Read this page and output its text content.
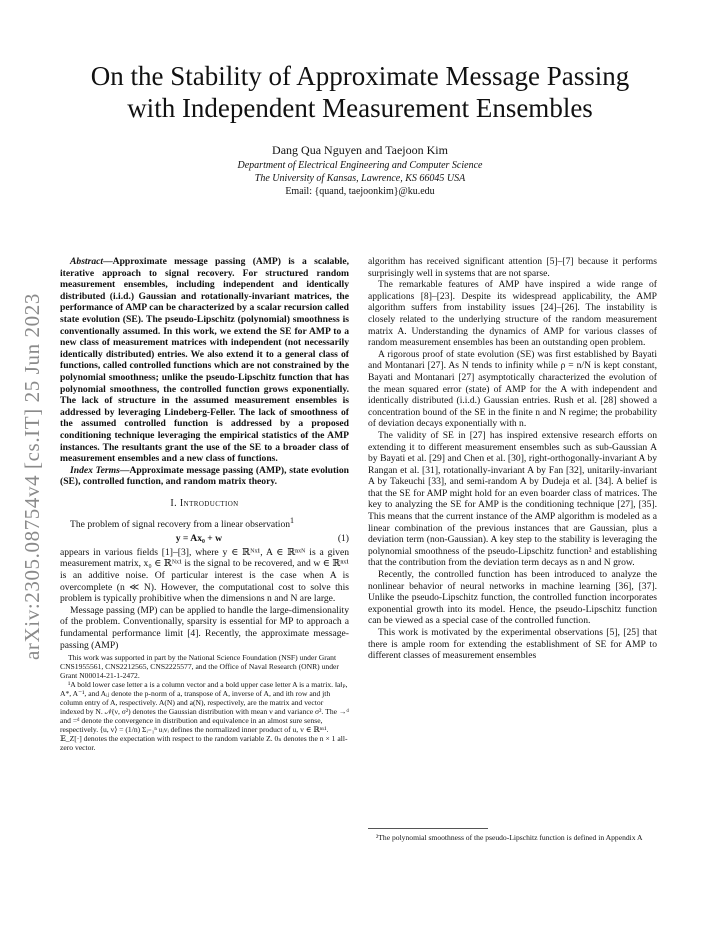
arXiv:2305.08754v4 [cs.IT] 25 Jun 2023
On the Stability of Approximate Message Passing
with Independent Measurement Ensembles
Dang Qua Nguyen and Taejoon Kim
Department of Electrical Engineering and Computer Science
The University of Kansas, Lawrence, KS 66045 USA
Email: {quand, taejoonkim}@ku.edu

Abstract—Approximate message passing (AMP) is a scalable, iterative approach to signal recovery. For structured random measurement ensembles, including independent and identically distributed (i.i.d.) Gaussian and rotationally-invariant matrices, the performance of AMP can be characterized by a scalar recursion called state evolution (SE). The pseudo-Lipschitz (polynomial) smoothness is conventionally assumed. In this work, we extend the SE for AMP to a new class of measurement matrices with independent (not necessarily identically distributed) entries. We also extend it to a general class of functions, called controlled functions which are not constrained by the polynomial smoothness; unlike the pseudo-Lipschitz function that has polynomial smoothness, the controlled function grows exponentially. The lack of structure in the assumed measurement ensembles is addressed by leveraging Lindeberg-Feller. The lack of smoothness of the assumed controlled function is addressed by a proposed conditioning technique leveraging the empirical statistics of the AMP instances. The resultants grant the use of the SE to a broader class of measurement ensembles and a new class of functions.

Index Terms—Approximate message passing (AMP), state evolution (SE), controlled function, and random matrix theory.

I. Introduction

The problem of signal recovery from a linear observation$^1$

y = Ax₀ + w	(1)

appears in various fields [1]–[3], where y ∈ ℝᴺˣ¹, A ∈ ℝⁿˣᴺ is a given measurement matrix, x₀ ∈ ℝᴺˣ¹ is the signal to be recovered, and w ∈ ℝⁿˣ¹ is an additive noise. Of particular interest is the case when A is overcomplete (n ≪ N). However, the computational cost to solve this problem is typically prohibitive when the dimensions n and N are large.

Message passing (MP) can be applied to handle the large-dimensionality of the problem. Conventionally, sparsity is essential for MP to approach a fundamental performance limit [4]. Recently, the approximate message-passing (AMP)

This work was supported in part by the National Science Foundation (NSF) under Grant CNS1955561, CNS2212565, CNS2225577, and the Office of Naval Research (ONR) under Grant N00014-21-1-2472.

¹A bold lower case letter a is a column vector and a bold upper case letter A is a matrix. ‖a‖ₚ, A*, A⁻¹, and Aᵢⱼ denote the p-norm of a, transpose of A, inverse of A, and ith row and jth column entry of A, respectively. A(N) and a(N), respectively, are the matrix and vector indexed by N. 𝒩(ν, σ²) denotes the Gaussian distribution with mean ν and variance σ². The →ᵈ and =ᵈ denote the convergence in distribution and equivalence in an almost sure sense, respectively. ⟨u, v⟩ = (1/n) Σᵢ₌₁ⁿ uᵢvᵢ defines the normalized inner product of u, v ∈ ℝⁿˣ¹. 𝔼_Z[·] denotes the expectation with respect to the random variable Z. 0ₙ denotes the n × 1 all-zero vector.

algorithm has received significant attention [5]–[7] because it performs surprisingly well in systems that are not sparse.

The remarkable features of AMP have inspired a wide range of applications [8]–[23]. Despite its widespread applicability, the AMP algorithm suffers from instability issues [24]–[26]. The instability is closely related to the underlying structure of the random measurement matrix A. Understanding the dynamics of AMP for various classes of random measurement ensembles has been an outstanding open problem.

A rigorous proof of state evolution (SE) was first established by Bayati and Montanari [27]. As N tends to infinity while ρ = n/N is kept constant, Bayati and Montanari [27] asymptotically characterized the evolution of the mean squared error (state) of AMP for the A with independent and identically distributed (i.i.d.) Gaussian entries. Rush et al. [28] showed a concentration bound of the SE in the finite n and N regime; the probability of deviation decays exponentially with n.

The validity of SE in [27] has inspired extensive research efforts on extending it to different measurement ensembles such as sub-Gaussian A by Bayati et al. [29] and Chen et al. [30], right-orthogonally-invariant A by Rangan et al. [31], rotationally-invariant A by Fan [32], unitarily-invariant A by Takeuchi [33], and semi-random A by Dudeja et al. [34]. A belief is that the SE for AMP might hold for an even boarder class of matrices. The key to analyzing the SE for AMP is the conditioning technique [27], [35]. This means that the current instance of the AMP algorithm is modeled as a linear combination of the previous instances that are Gaussian, plus a deviation term (non-Gaussian). A key step to the stability is leveraging the polynomial smoothness of the pseudo-Lipschitz function² and establishing that the contribution from the deviation term decays as n and N grow.

Recently, the controlled function has been introduced to analyze the nonlinear behavior of neural networks in machine learning [36], [37]. Unlike the pseudo-Lipschitz function, the controlled function incorporates exponential growth into its model. Hence, the pseudo-Lipschitz function can be viewed as a special case of the controlled function.

This work is motivated by the experimental observations [5], [25] that there is ample room for extending the establishment of SE for AMP to different classes of measurement ensembles

²The polynomial smoothness of the pseudo-Lipschitz function is defined in Appendix A
